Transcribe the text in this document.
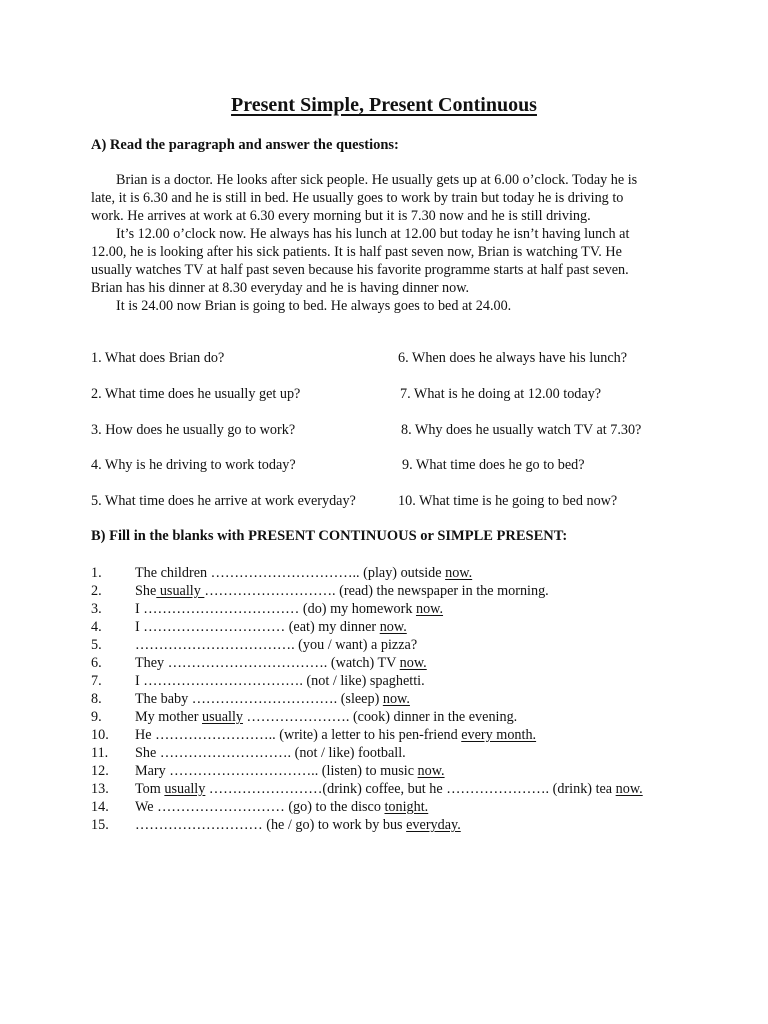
Present Simple, Present Continuous
A) Read the paragraph and answer the questions:
Brian is a doctor. He looks after sick people. He usually gets up at 6.00 o’clock. Today he is
late, it is 6.30 and he is still in bed. He usually goes to work by train but today he is driving to
work. He arrives at work at 6.30 every morning but it is 7.30 now and he is still driving.
It’s 12.00 o’clock now. He always has his lunch at 12.00 but today he isn’t having lunch at
12.00, he is looking after his sick patients. It is half past seven now, Brian is watching TV. He
usually watches TV at half past seven because his favorite programme starts at half past seven.
Brian has his dinner at 8.30 everyday and he is having dinner now.
It is 24.00 now Brian is going to bed. He always goes to bed at 24.00.
1. What does Brian do?
2. What time does he usually get up?
3. How does he usually go to work?
4. Why is he driving to work today?
5. What time does he arrive at work everyday?
6. When does he always have his lunch?
7. What is he doing at 12.00 today?
8. Why does he usually watch TV at 7.30?
9. What time does he go to bed?
10. What time is he going to bed now?
B) Fill in the blanks with PRESENT CONTINUOUS or SIMPLE PRESENT:
1. The children ………………………….. (play) outside now.
2. She usually ………………………. (read) the newspaper in the morning.
3. I …………………………… (do) my homework now.
4. I ………………………… (eat) my dinner now.
5. ……………………………. (you / want) a pizza?
6. They ……………………………. (watch) TV now.
7. I ……………………………. (not / like) spaghetti.
8. The baby …………………………. (sleep) now.
9. My mother usually …………………. (cook) dinner in the evening.
10. He …………………….. (write) a letter to his pen-friend every month.
11. She ………………………. (not / like) football.
12. Mary ………………………….. (listen) to music now.
13. Tom usually ……………………(drink) coffee, but he …………………. (drink) tea now.
14. We ……………………… (go) to the disco tonight.
15. ……………………… (he / go) to work by bus everyday.
